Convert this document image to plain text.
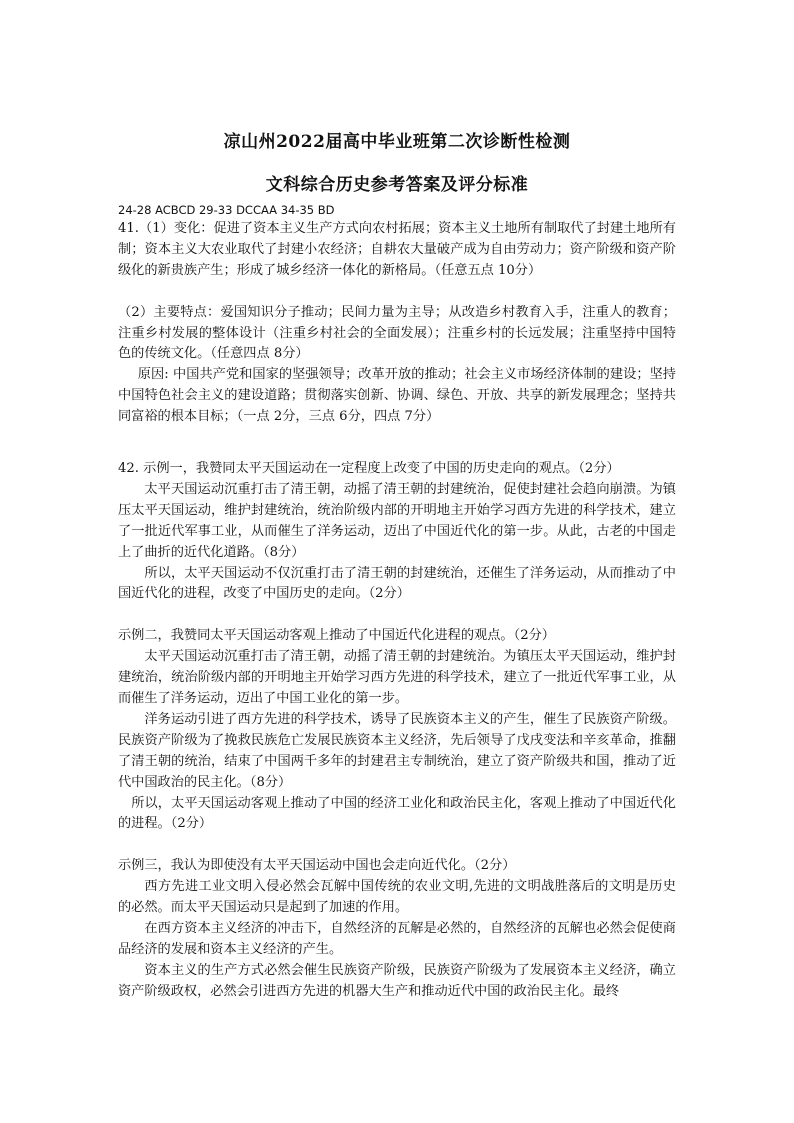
凉山州2022届高中毕业班第二次诊断性检测
文科综合历史参考答案及评分标准

24-28 ACBCD 29-33 DCCAA 34-35 BD

41.（1）变化：促进了资本主义生产方式向农村拓展；资本主义土地所有制取代了封建土地所有制；资本主义大农业取代了封建小农经济；自耕农大量破产成为自由劳动力；资产阶级和资产阶级化的新贵族产生；形成了城乡经济一体化的新格局。（任意五点 10分）

（2）主要特点：爱国知识分子推动；民间力量为主导；从改造乡村教育入手，注重人的教育；注重乡村发展的整体设计（注重乡村社会的全面发展）；注重乡村的长远发展；注重坚持中国特色的传统文化。（任意四点 8分）

原因: 中国共产党和国家的坚强领导；改革开放的推动；社会主义市场经济体制的建设；坚持中国特色社会主义的建设道路；贯彻落实创新、协调、绿色、开放、共享的新发展理念；坚持共同富裕的根本目标；（一点 2分，三点 6分，四点 7分）

42. 示例一，我赞同太平天国运动在一定程度上改变了中国的历史走向的观点。（2分）

太平天国运动沉重打击了清王朝，动摇了清王朝的封建统治，促使封建社会趋向崩溃。为镇压太平天国运动，维护封建统治，统治阶级内部的开明地主开始学习西方先进的科学技术，建立了一批近代军事工业，从而催生了洋务运动，迈出了中国近代化的第一步。从此，古老的中国走上了曲折的近代化道路。（8分）

所以，太平天国运动不仅沉重打击了清王朝的封建统治，还催生了洋务运动，从而推动了中国近代化的进程，改变了中国历史的走向。（2分）

示例二，我赞同太平天国运动客观上推动了中国近代化进程的观点。（2分）

太平天国运动沉重打击了清王朝，动摇了清王朝的封建统治。为镇压太平天国运动，维护封建统治，统治阶级内部的开明地主开始学习西方先进的科学技术，建立了一批近代军事工业，从而催生了洋务运动，迈出了中国工业化的第一步。

洋务运动引进了西方先进的科学技术，诱导了民族资本主义的产生，催生了民族资产阶级。民族资产阶级为了挽救民族危亡发展民族资本主义经济，先后领导了戊戌变法和辛亥革命，推翻了清王朝的统治，结束了中国两千多年的封建君主专制统治，建立了资产阶级共和国，推动了近代中国政治的民主化。（8分）

所以，太平天国运动客观上推动了中国的经济工业化和政治民主化，客观上推动了中国近代化的进程。（2分）

示例三，我认为即使没有太平天国运动中国也会走向近代化。（2分）

西方先进工业文明入侵必然会瓦解中国传统的农业文明,先进的文明战胜落后的文明是历史的必然。而太平天国运动只是起到了加速的作用。

在西方资本主义经济的冲击下，自然经济的瓦解是必然的，自然经济的瓦解也必然会促使商品经济的发展和资本主义经济的产生。

资本主义的生产方式必然会催生民族资产阶级，民族资产阶级为了发展资本主义经济，确立资产阶级政权，必然会引进西方先进的机器大生产和推动近代中国的政治民主化。最终
